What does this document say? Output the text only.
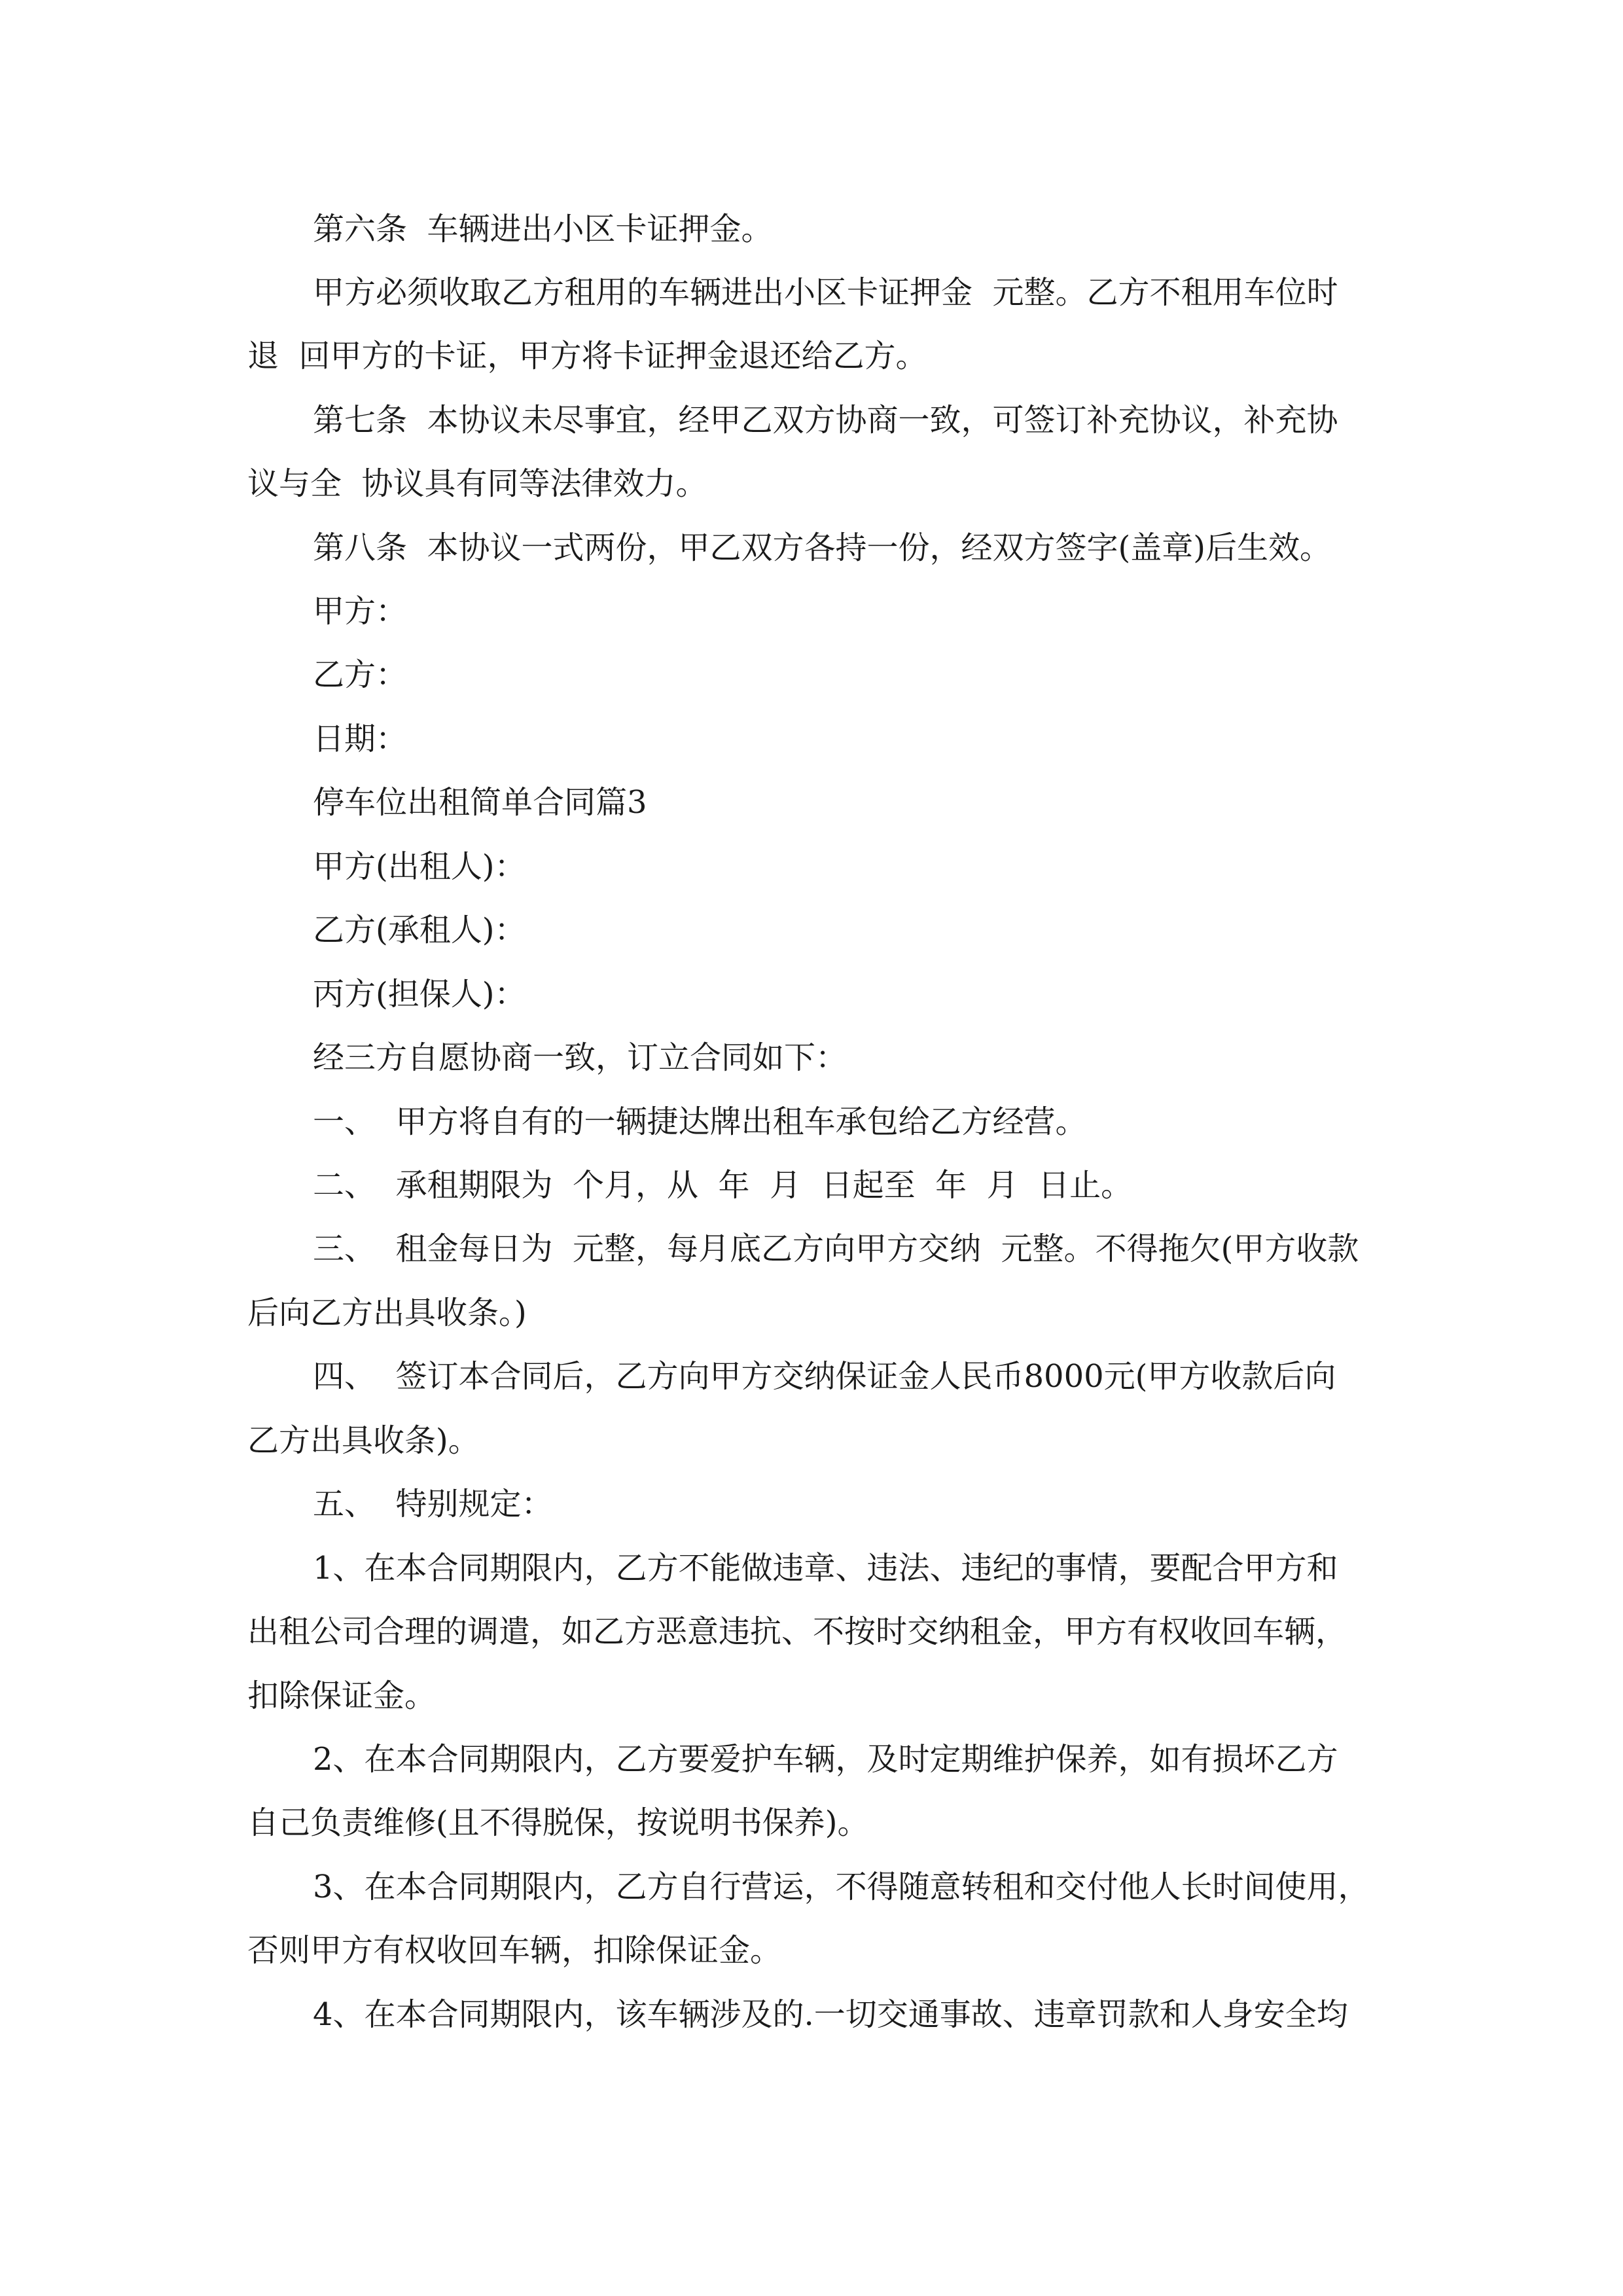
第六条  车辆进出小区卡证押金。

甲方必须收取乙方租用的车辆进出小区卡证押金  元整。乙方不租用车位时

退  回甲方的卡证，甲方将卡证押金退还给乙方。

第七条  本协议未尽事宜，经甲乙双方协商一致，可签订补充协议，补充协

议与全  协议具有同等法律效力。

第八条  本协议一式两份，甲乙双方各持一份，经双方签字(盖章)后生效。

甲方：

乙方：

日期：

停车位出租简单合同篇3

甲方(出租人)：

乙方(承租人)：

丙方(担保人)：

经三方自愿协商一致，订立合同如下：

一、  甲方将自有的一辆捷达牌出租车承包给乙方经营。

二、  承租期限为  个月，从  年  月  日起至  年  月  日止。

三、  租金每日为  元整，每月底乙方向甲方交纳  元整。不得拖欠(甲方收款

后向乙方出具收条。)

四、  签订本合同后，乙方向甲方交纳保证金人民币8000元(甲方收款后向

乙方出具收条)。

五、  特别规定：

1、在本合同期限内，乙方不能做违章、违法、违纪的事情，要配合甲方和

出租公司合理的调遣，如乙方恶意违抗、不按时交纳租金，甲方有权收回车辆，

扣除保证金。

2、在本合同期限内，乙方要爱护车辆，及时定期维护保养，如有损坏乙方

自己负责维修(且不得脱保，按说明书保养)。

3、在本合同期限内，乙方自行营运，不得随意转租和交付他人长时间使用，

否则甲方有权收回车辆，扣除保证金。

4、在本合同期限内，该车辆涉及的.一切交通事故、违章罚款和人身安全均
